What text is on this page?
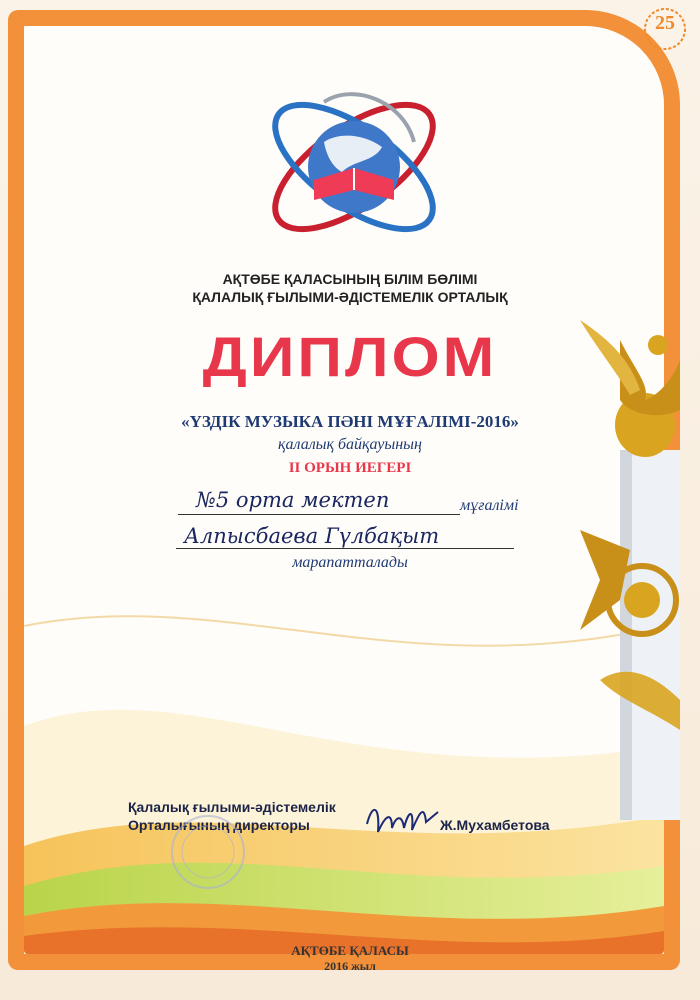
25
АҚТӨБЕ ҚАЛАСЫНЫҢ БІЛІМ БӨЛІМІ
ҚАЛАЛЫҚ ҒЫЛЫМИ-ӘДІСТЕМЕЛІК ОРТАЛЫҚ
ДИПЛОМ
«ҮЗДІК МУЗЫКА ПӘНІ МҰҒАЛІМІ-2016»
қалалық байқауының
ІІ ОРЫН ИЕГЕРІ
№5 орта мектеп	мұғалімі
Алпысбаева Гүлбақыт
марапатталады
Қалалық ғылыми-әдістемелік
Орталығының директоры	Ж.Мухамбетова
АҚТӨБЕ ҚАЛАСЫ
2016 жыл
